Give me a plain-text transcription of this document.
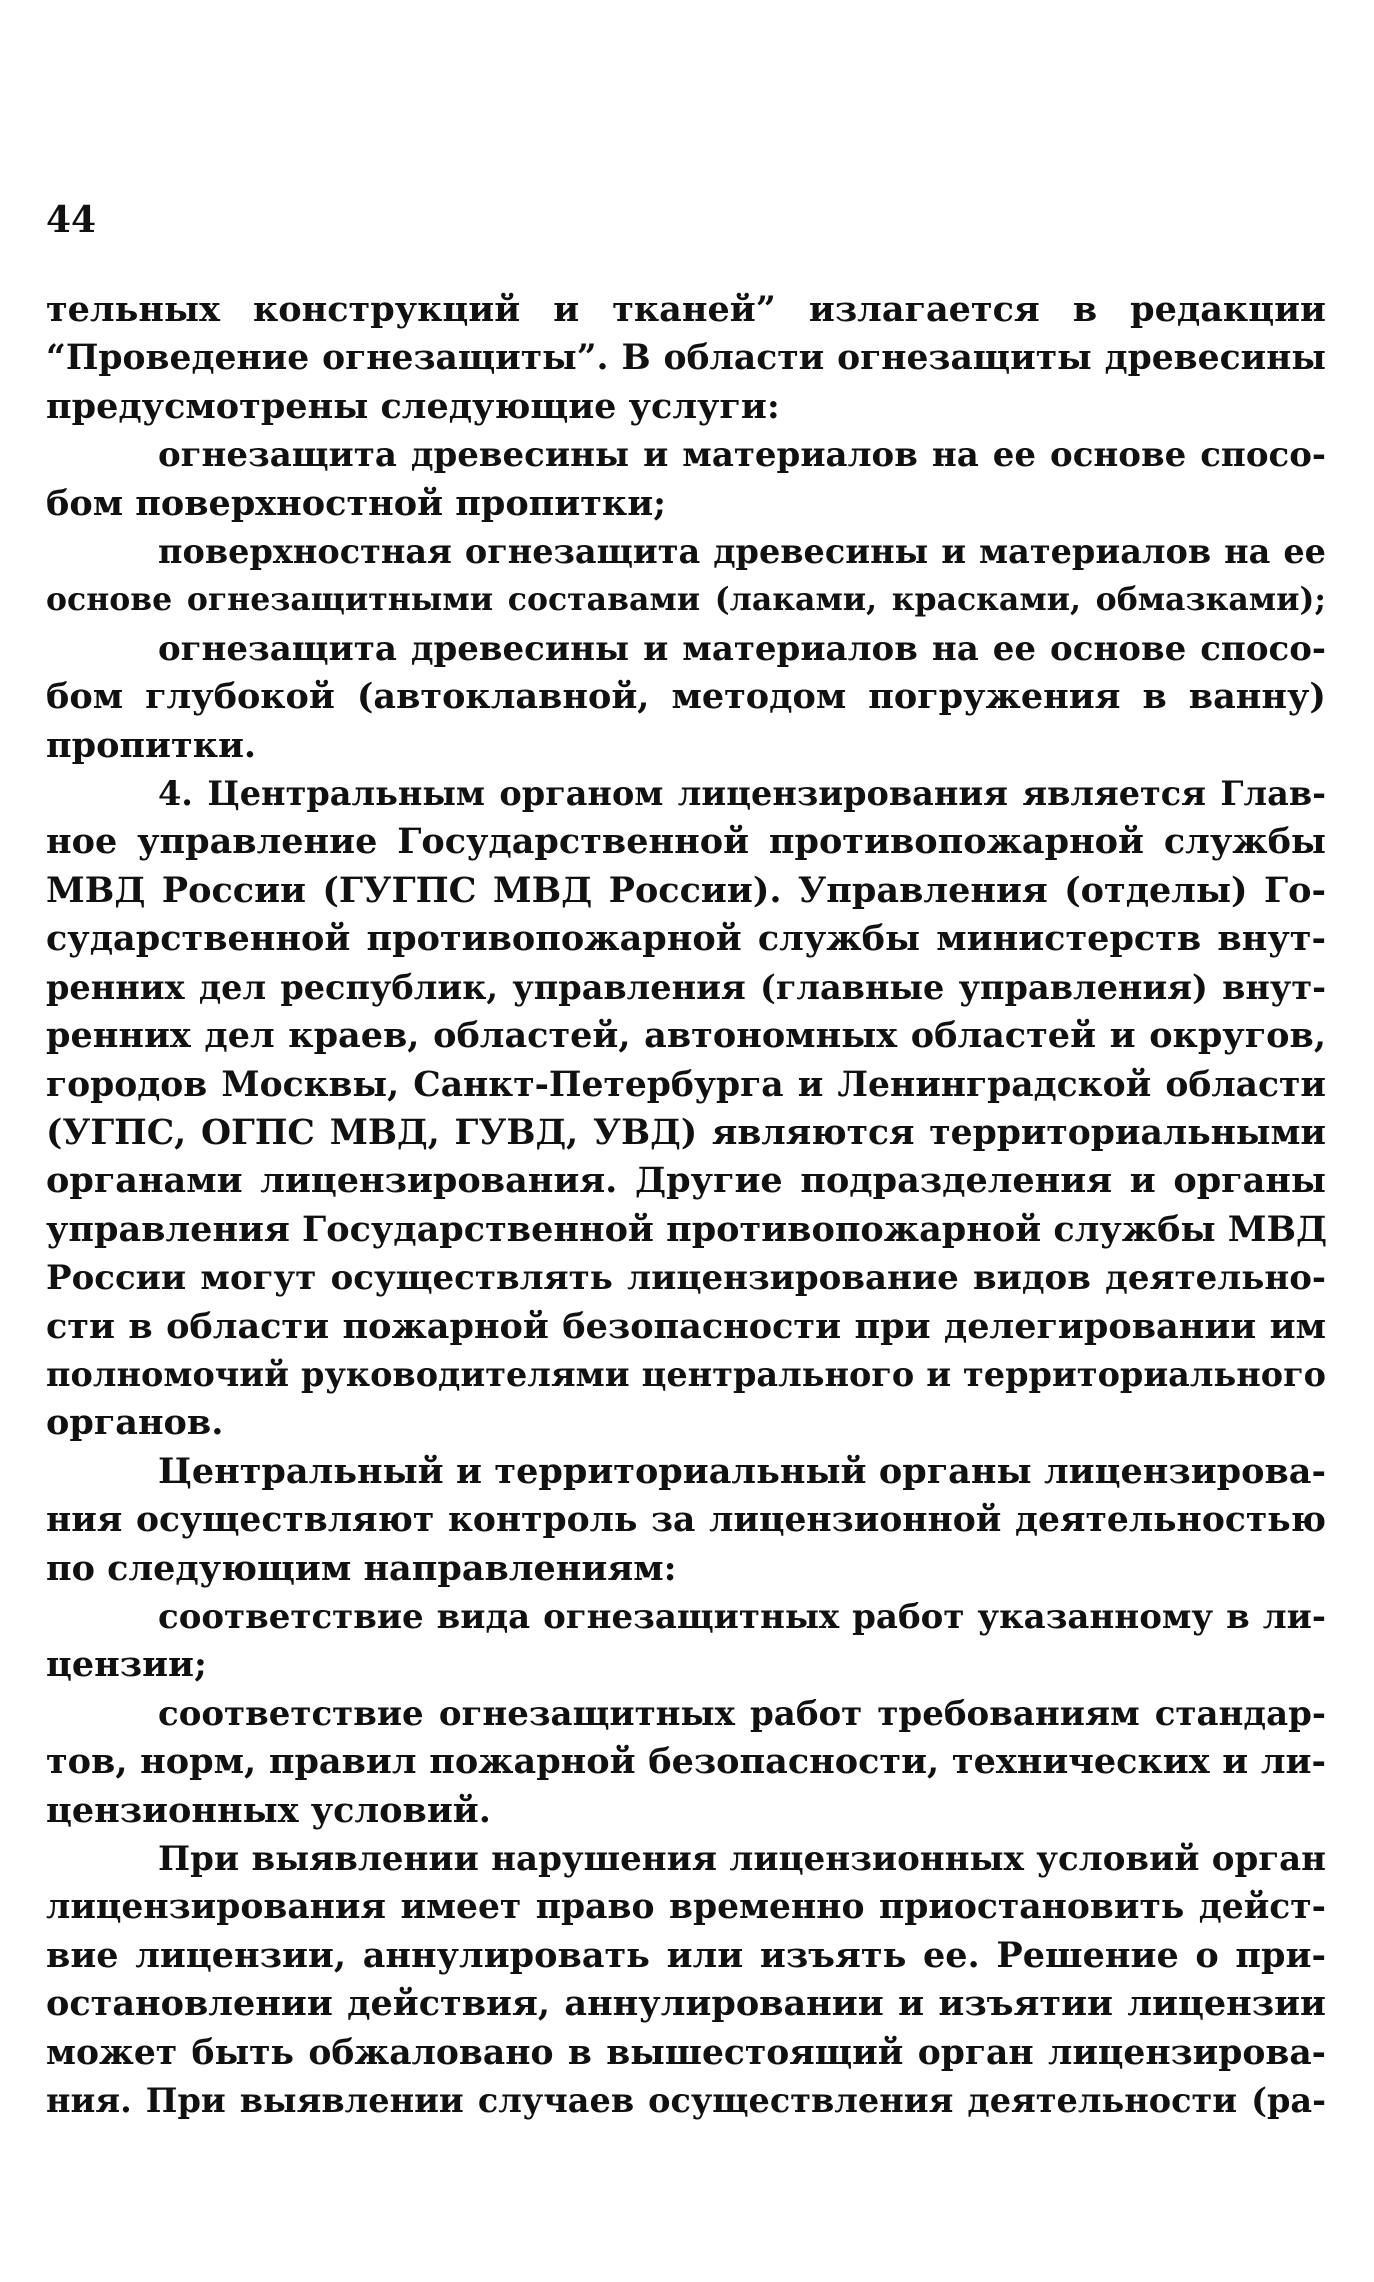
44
тельных конструкций и тканей” излагается в редакции
“Проведение огнезащиты”. В области огнезащиты древесины
предусмотрены следующие услуги:
огнезащита древесины и материалов на ее основе спосо-
бом поверхностной пропитки;
поверхностная огнезащита древесины и материалов на ее
основе огнезащитными составами (лаками, красками, обмазками);
огнезащита древесины и материалов на ее основе спосо-
бом глубокой (автоклавной, методом погружения в ванну)
пропитки.
4. Центральным органом лицензирования является Глав-
ное управление Государственной противопожарной службы
МВД России (ГУГПС МВД России). Управления (отделы) Го-
сударственной противопожарной службы министерств внут-
ренних дел республик, управления (главные управления) внут-
ренних дел краев, областей, автономных областей и округов,
городов Москвы, Санкт-Петербурга и Ленинградской области
(УГПС, ОГПС МВД, ГУВД, УВД) являются территориальными
органами лицензирования. Другие подразделения и органы
управления Государственной противопожарной службы МВД
России могут осуществлять лицензирование видов деятельно-
сти в области пожарной безопасности при делегировании им
полномочий руководителями центрального и территориального
органов.
Центральный и территориальный органы лицензирова-
ния осуществляют контроль за лицензионной деятельностью
по следующим направлениям:
соответствие вида огнезащитных работ указанному в ли-
цензии;
соответствие огнезащитных работ требованиям стандар-
тов, норм, правил пожарной безопасности, технических и ли-
цензионных условий.
При выявлении нарушения лицензионных условий орган
лицензирования имеет право временно приостановить дейст-
вие лицензии, аннулировать или изъять ее. Решение о при-
остановлении действия, аннулировании и изъятии лицензии
может быть обжаловано в вышестоящий орган лицензирова-
ния. При выявлении случаев осуществления деятельности (ра-
